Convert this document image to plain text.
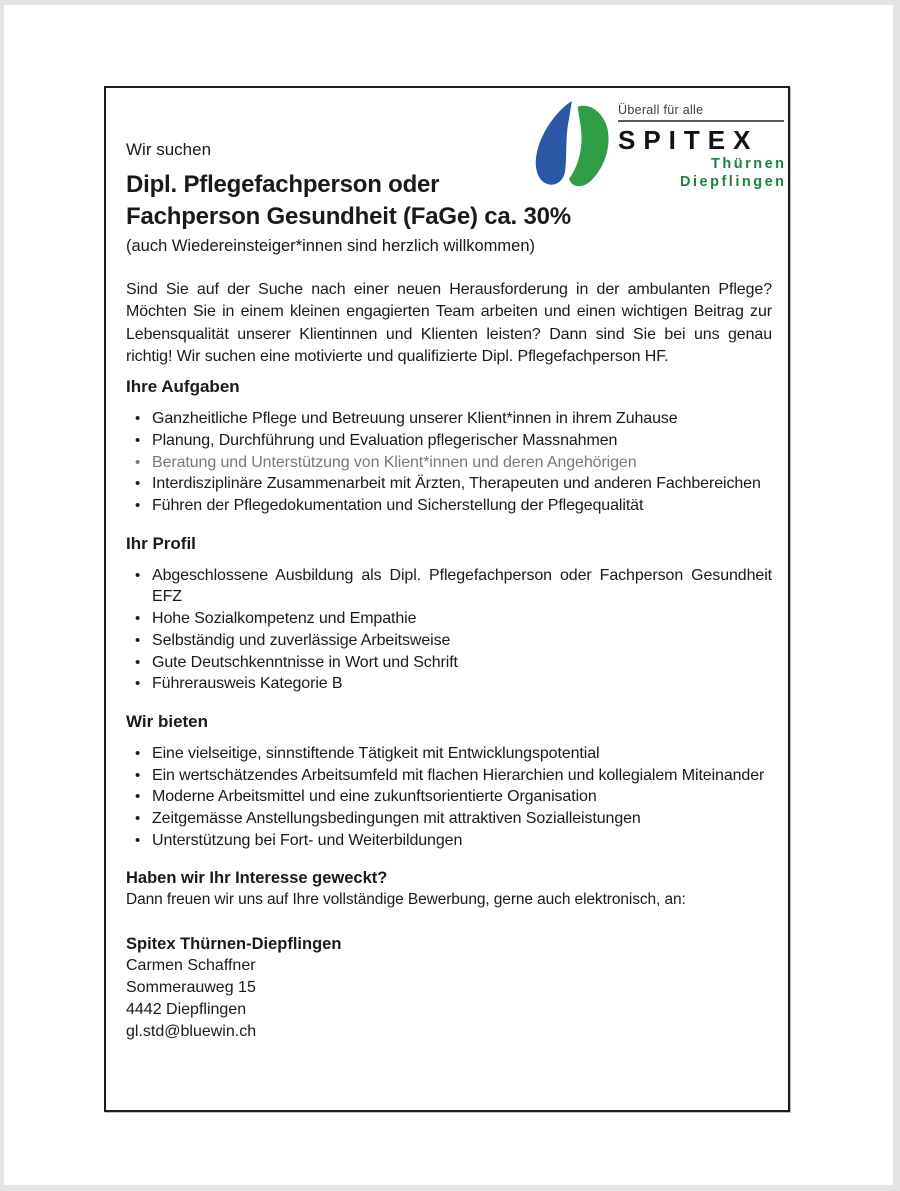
Überall für alle
SPITEX
Thürnen
Diepflingen
Wir suchen
Dipl. Pflegefachperson oder
Fachperson Gesundheit (FaGe) ca. 30%
(auch Wiedereinsteiger*innen sind herzlich willkommen)

Sind Sie auf der Suche nach einer neuen Herausforderung in der ambulanten Pflege? Möchten Sie in einem kleinen engagierten Team arbeiten und einen wichtigen Beitrag zur Lebensqualität unserer Klientinnen und Klienten leisten? Dann sind Sie bei uns genau richtig! Wir suchen eine motivierte und qualifizierte Dipl. Pflegefachperson HF.

Ihre Aufgaben
• Ganzheitliche Pflege und Betreuung unserer Klient*innen in ihrem Zuhause
• Planung, Durchführung und Evaluation pflegerischer Massnahmen
• Beratung und Unterstützung von Klient*innen und deren Angehörigen
• Interdisziplinäre Zusammenarbeit mit Ärzten, Therapeuten und anderen Fachbereichen
• Führen der Pflegedokumentation und Sicherstellung der Pflegequalität
Ihr Profil
• Abgeschlossene Ausbildung als Dipl. Pflegefachperson oder Fachperson Gesundheit EFZ
• Hohe Sozialkompetenz und Empathie
• Selbständig und zuverlässige Arbeitsweise
• Gute Deutschkenntnisse in Wort und Schrift
• Führerausweis Kategorie B
Wir bieten
• Eine vielseitige, sinnstiftende Tätigkeit mit Entwicklungspotential
• Ein wertschätzendes Arbeitsumfeld mit flachen Hierarchien und kollegialem Miteinander
• Moderne Arbeitsmittel und eine zukunftsorientierte Organisation
• Zeitgemässe Anstellungsbedingungen mit attraktiven Sozialleistungen
• Unterstützung bei Fort- und Weiterbildungen

Haben wir Ihr Interesse geweckt?

Dann freuen wir uns auf Ihre vollständige Bewerbung, gerne auch elektronisch, an:

Spitex Thürnen-Diepflingen
Carmen Schaffner
Sommerauweg 15
4442 Diepflingen
gl.std@bluewin.ch
